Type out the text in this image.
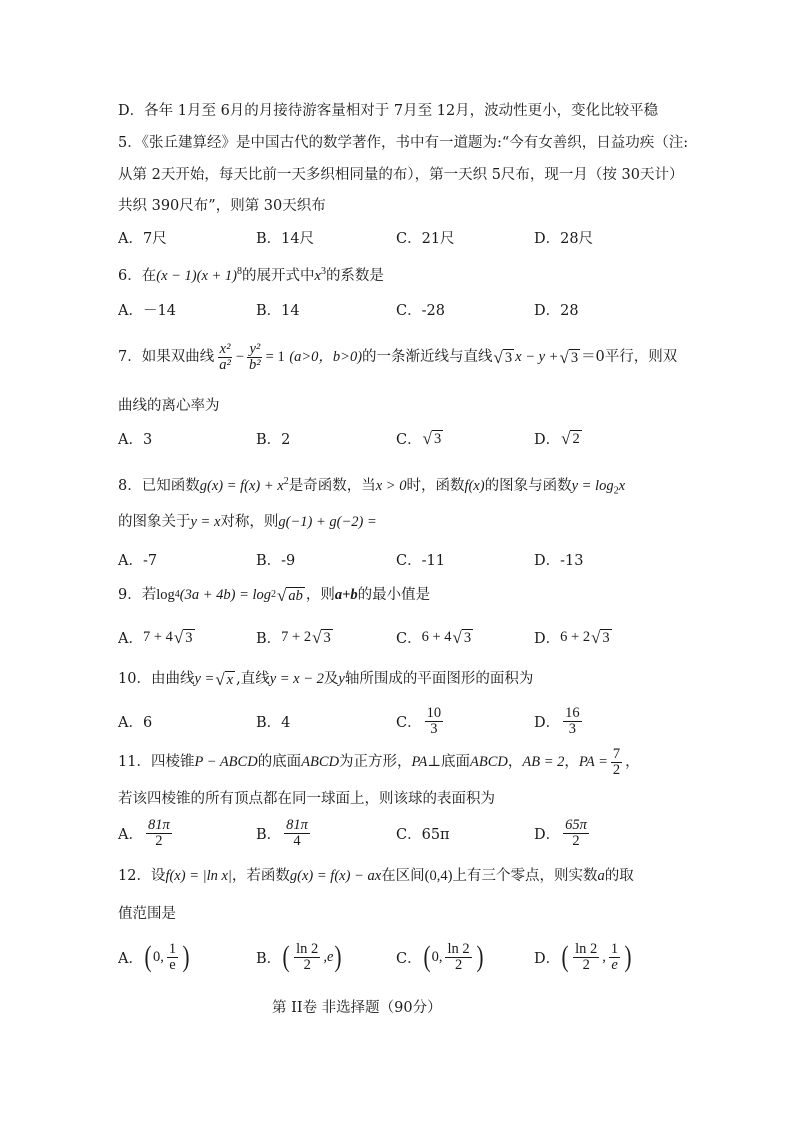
D．各年 1月至 6月的月接待游客量相对于 7月至 12月，波动性更小，变化比较平稳
5．《张丘建算经》是中国古代的数学著作，书中有一道题为:“今有女善织，日益功疾（注:
从第 2天开始，每天比前一天多织相同量的布），第一天织 5尺布，现一月（按 30天计）
共织 390尺布”，则第 30天织布
A．7尺	B．14尺	C．21尺	D．28尺
6．在$(x - 1)(x + 1)^8$的展开式中$x^3$的系数是
A．－14	B．14	C．-28	D．28
7．如果双曲线 $\frac{\text{x²}}{\text{a²}} - \frac{\text{y²}}{\text{b²}} = 1$
(a>0，b>0) 的一条渐近线与直线 √ 3 x − y + √ 3 ＝0 平行，则双
曲线的离心率为
A．3	B．2	C． √ 3	D． √ 2
8．已知函数$g(x) = f(x) + x^2$是奇函数，当x > 0时，函数f(x)的图象与函数$y = \log_2x$
的图象关于y = x对称，则g(−1) + g(−2) =
A．-7	B．-9	C．-11	D．-13
9．若 log 4 (3a + 4b) = log 2 √ ab ，则 a+b 的最小值是
A． 7 + 4 √ 3	B． 7 + 2 √ 3	C． 6 + 4 √ 3	D． 6 + 2 √ 3
10．由曲线 y = √ x ,直线 y = x − 2 及 y 轴所围成的平面图形的面积为
A．6	B．4	C． $\frac{10}{3}$	D． $\frac{16}{3}$
11．四棱锥 P − ABCD 的底面 ABCD 为正方形， PA ⊥底面 ABCD ， AB = 2 ， PA = $\frac{7}{2}$ ，
若该四棱锥的所有顶点都在同一球面上，则该球的表面积为
A． $\frac{81\pi}{2}$	B． $\frac{81\pi}{4}$	C．65π	D． $\frac{65\pi}{2}$
12．设f(x) = |ln x|，若函数g(x) = f(x) − ax在区间(0,4)上有三个零点，则实数a的取
值范围是
A． ( 0, $\frac{1}{e}$ )	B． ( $\frac{\ln 2}{2} ,e$ )	C． ( 0, $\frac{\ln 2}{2}$ )	D． ( $\frac{\ln 2}{2}$ , $\frac{1}{e}$ )
第 II卷 非选择题（90分）
